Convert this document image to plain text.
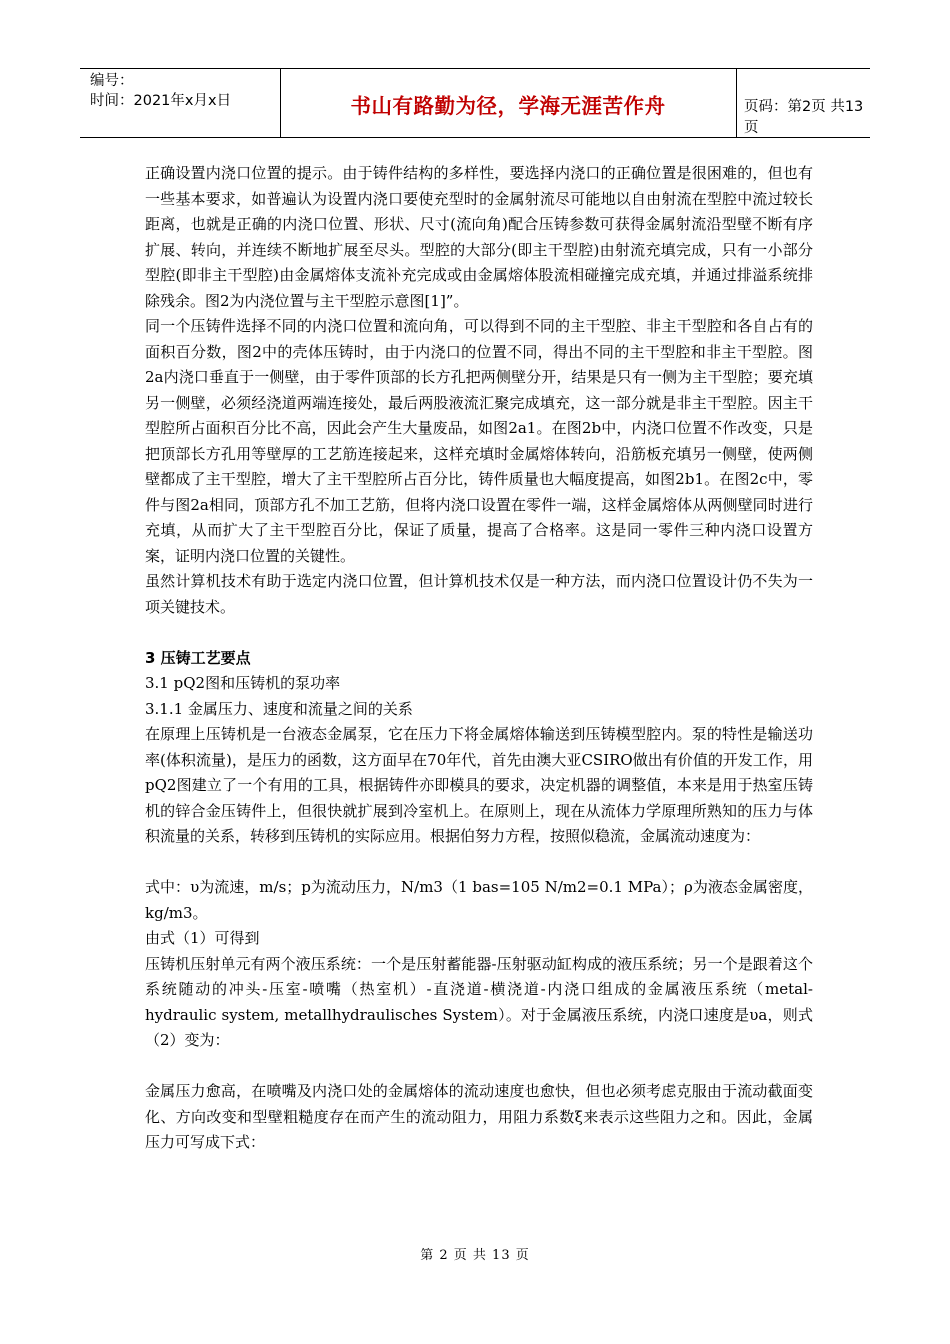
编号：
时间：2021年x月x日	书山有路勤为径，学海无涯苦作舟	页码：第2页 共13页

正确设置内浇口位置的提示。由于铸件结构的多样性，要选择内浇口的正确位置是很困难的，但也有一些基本要求，如普遍认为设置内浇口要使充型时的金属射流尽可能地以自由射流在型腔中流过较长距离，也就是正确的内浇口位置、形状、尺寸(流向角)配合压铸参数可获得金属射流沿型壁不断有序扩展、转向，并连续不断地扩展至尽头。型腔的大部分(即主干型腔)由射流充填完成，只有一小部分型腔(即非主干型腔)由金属熔体支流补充完成或由金属熔体股流相碰撞完成充填，并通过排溢系统排除残余。图2为内浇位置与主干型腔示意图[1]”。

同一个压铸件选择不同的内浇口位置和流向角，可以得到不同的主干型腔、非主干型腔和各自占有的面积百分数，图2中的壳体压铸时，由于内浇口的位置不同，得出不同的主干型腔和非主干型腔。图2a内浇口垂直于一侧壁，由于零件顶部的长方孔把两侧壁分开，结果是只有一侧为主干型腔；要充填另一侧壁，必须经浇道两端连接处，最后两股液流汇聚完成填充，这一部分就是非主干型腔。因主干型腔所占面积百分比不高，因此会产生大量废品，如图2a1。在图2b中，内浇口位置不作改变，只是把顶部长方孔用等壁厚的工艺筋连接起来，这样充填时金属熔体转向，沿筋板充填另一侧壁，使两侧壁都成了主干型腔，增大了主干型腔所占百分比，铸件质量也大幅度提高，如图2b1。在图2c中，零件与图2a相同，顶部方孔不加工艺筋，但将内浇口设置在零件一端，这样金属熔体从两侧壁同时进行充填，从而扩大了主干型腔百分比，保证了质量，提高了合格率。这是同一零件三种内浇口设置方案，证明内浇口位置的关键性。

虽然计算机技术有助于选定内浇口位置，但计算机技术仅是一种方法，而内浇口位置设计仍不失为一项关键技术。

3 压铸工艺要点

3.1 pQ2图和压铸机的泵功率

3.1.1 金属压力、速度和流量之间的关系

在原理上压铸机是一台液态金属泵，它在压力下将金属熔体输送到压铸模型腔内。泵的特性是输送功率(体积流量)，是压力的函数，这方面早在70年代，首先由澳大亚CSIRO做出有价值的开发工作，用pQ2图建立了一个有用的工具，根据铸件亦即模具的要求，决定机器的调整值，本来是用于热室压铸机的锌合金压铸件上，但很快就扩展到冷室机上。在原则上，现在从流体力学原理所熟知的压力与体积流量的关系，转移到压铸机的实际应用。根据伯努力方程，按照似稳流，金属流动速度为：

式中：υ为流速，m/s；p为流动压力，N/m3（1 bas=105 N/m2=0.1 MPa）；ρ为液态金属密度，kg/m3。

由式（1）可得到

压铸机压射单元有两个液压系统：一个是压射蓄能器-压射驱动缸构成的液压系统；另一个是跟着这个系统随动的冲头-压室-喷嘴（热室机）-直浇道-横浇道-内浇口组成的金属液压系统（metal-hydraulic system, metallhydraulisches System）。对于金属液压系统，内浇口速度是υa，则式（2）变为：

金属压力愈高，在喷嘴及内浇口处的金属熔体的流动速度也愈快，但也必须考虑克服由于流动截面变化、方向改变和型壁粗糙度存在而产生的流动阻力，用阻力系数ξ来表示这些阻力之和。因此，金属压力可写成下式：

第 2 页 共 13 页
